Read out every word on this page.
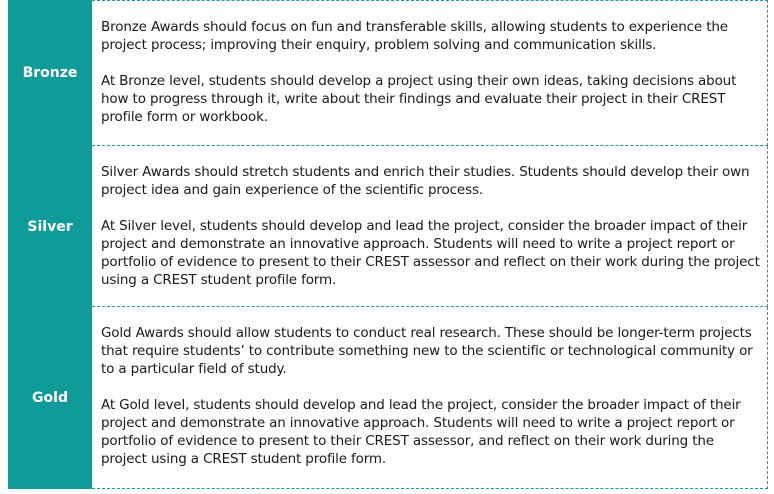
Bronze

Bronze Awards should focus on fun and transferable skills, allowing students to experience the project process; improving their enquiry, problem solving and communication skills.

At Bronze level, students should develop a project using their own ideas, taking decisions about how to progress through it, write about their findings and evaluate their project in their CREST profile form or workbook.

Silver

Silver Awards should stretch students and enrich their studies. Students should develop their own project idea and gain experience of the scientific process.

At Silver level, students should develop and lead the project, consider the broader impact of their project and demonstrate an innovative approach. Students will need to write a project report or portfolio of evidence to present to their CREST assessor and reflect on their work during the project using a CREST student profile form.

Gold

Gold Awards should allow students to conduct real research. These should be longer-term projects that require students’ to contribute something new to the scientific or technological community or to a particular field of study.

At Gold level, students should develop and lead the project, consider the broader impact of their project and demonstrate an innovative approach. Students will need to write a project report or portfolio of evidence to present to their CREST assessor, and reflect on their work during the project using a CREST student profile form.
